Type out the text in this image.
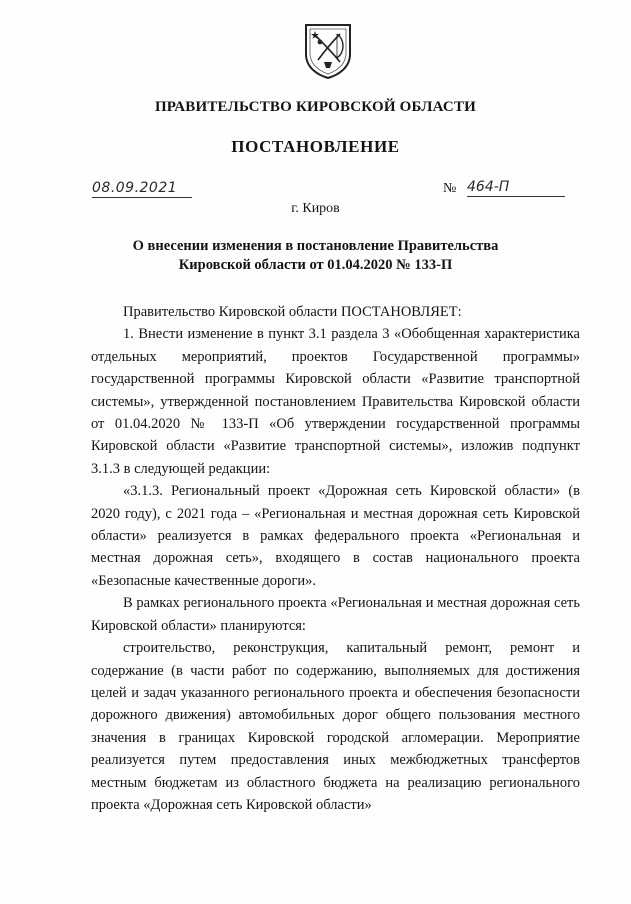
ПРАВИТЕЛЬСТВО КИРОВСКОЙ ОБЛАСТИ
ПОСТАНОВЛЕНИЕ
08.09.2021	№ 464-П
г. Киров
О внесении изменения в постановление Правительства
Кировской области от 01.04.2020 № 133-П

Правительство Кировской области ПОСТАНОВЛЯЕТ:

1. Внести изменение в пункт 3.1 раздела 3 «Обобщенная характеристика отдельных мероприятий, проектов Государственной программы» государственной программы Кировской области «Развитие транспортной системы», утвержденной постановлением Правительства Кировской области от 01.04.2020 № 133-П «Об утверждении государственной программы Кировской области «Развитие транспортной системы», изложив подпункт 3.1.3 в следующей редакции:

«3.1.3. Региональный проект «Дорожная сеть Кировской области» (в 2020 году), с 2021 года – «Региональная и местная дорожная сеть Кировской области» реализуется в рамках федерального проекта «Региональная и местная дорожная сеть», входящего в состав национального проекта «Безопасные качественные дороги».

В рамках регионального проекта «Региональная и местная дорожная сеть Кировской области» планируются:

строительство, реконструкция, капитальный ремонт, ремонт и содержание (в части работ по содержанию, выполняемых для достижения целей и задач указанного регионального проекта и обеспечения безопасности дорожного движения) автомобильных дорог общего пользования местного значения в границах Кировской городской агломерации. Мероприятие реализуется путем предоставления иных межбюджетных трансфертов местным бюджетам из областного бюджета на реализацию регионального проекта «Дорожная сеть Кировской области»
